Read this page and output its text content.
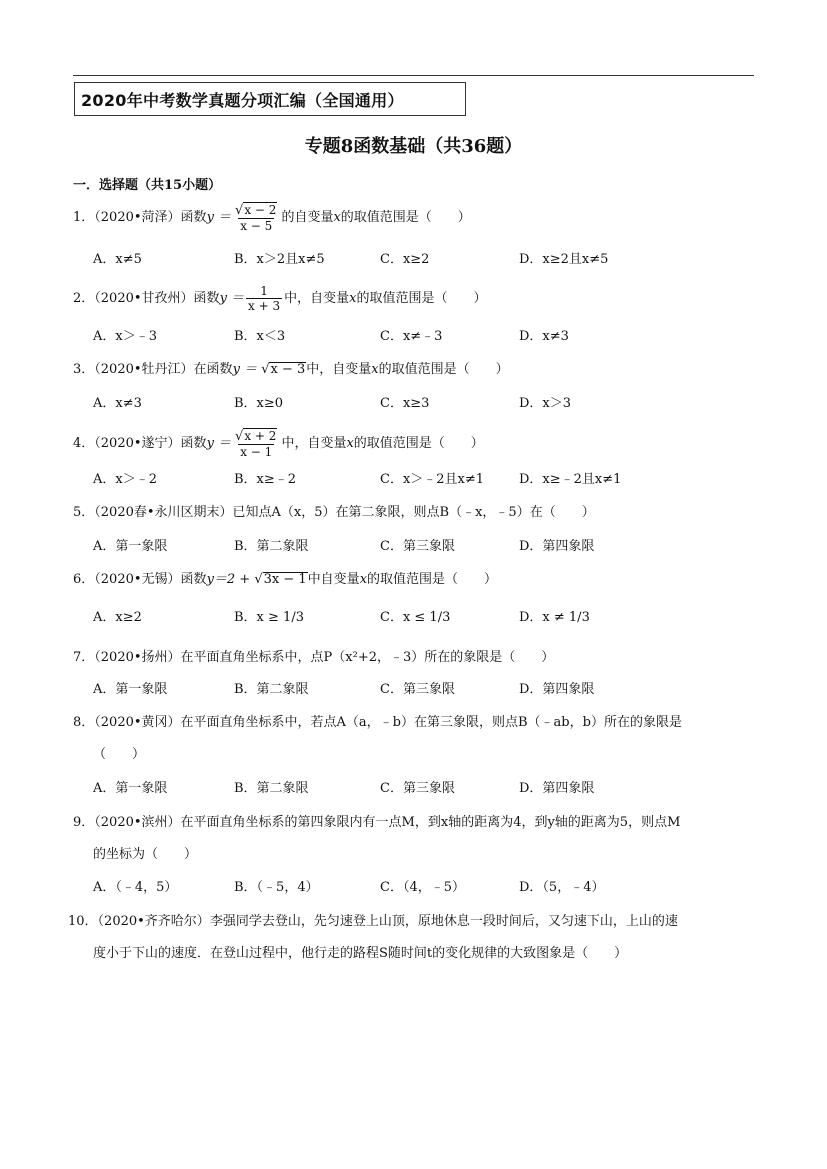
2020年中考数学真题分项汇编（全国通用）
专题8函数基础（共36题）
一．选择题（共15小题）
1．（2020•菏泽）函数$y = \frac{√x - 2}{x - 5}$ 的自变量x的取值范围是（　　）
A．x≠5	B．x＞2且x≠5	C．x≥2	D．x≥2且x≠5
2．（2020•甘孜州）函数$y = \frac{1}{x + 3}$ 中，自变量x的取值范围是（　　）
A．x＞﹣3	B．x＜3	C．x≠﹣3	D．x≠3
3．（2020•牡丹江）在函数y ＝ √x − 3中，自变量x的取值范围是（　　）
A．x≠3	B．x≥0	C．x≥3	D．x＞3
4．（2020•遂宁）函数$y = \frac{√x + 2}{x - 1}$ 中，自变量x的取值范围是（　　）
A．x＞﹣2	B．x≥﹣2	C．x＞﹣2且x≠1	D．x≥﹣2且x≠1
5．（2020春•永川区期末）已知点A（x，5）在第二象限，则点B（﹣x，﹣5）在（　　）
A．第一象限	B．第二象限	C．第三象限	D．第四象限
6．（2020•无锡）函数y＝2 + √3x − 1中自变量x的取值范围是（　　）
A．x≥2	B．x ≥ 1/3	C．x ≤ 1/3	D．x ≠ 1/3
7．（2020•扬州）在平面直角坐标系中，点P（x²+2，﹣3）所在的象限是（　　）
A．第一象限	B．第二象限	C．第三象限	D．第四象限
8．（2020•黄冈）在平面直角坐标系中，若点A（a，﹣b）在第三象限，则点B（﹣ab，b）所在的象限是
（　　）
A．第一象限	B．第二象限	C．第三象限	D．第四象限
9．（2020•滨州）在平面直角坐标系的第四象限内有一点M，到x轴的距离为4，到y轴的距离为5，则点M
的坐标为（　　）
A．（﹣4，5）	B．（﹣5，4）	C．（4，﹣5）	D．（5，﹣4）
10．（2020•齐齐哈尔）李强同学去登山，先匀速登上山顶，原地休息一段时间后，又匀速下山，上山的速
度小于下山的速度．在登山过程中，他行走的路程S随时间t的变化规律的大致图象是（　　）
